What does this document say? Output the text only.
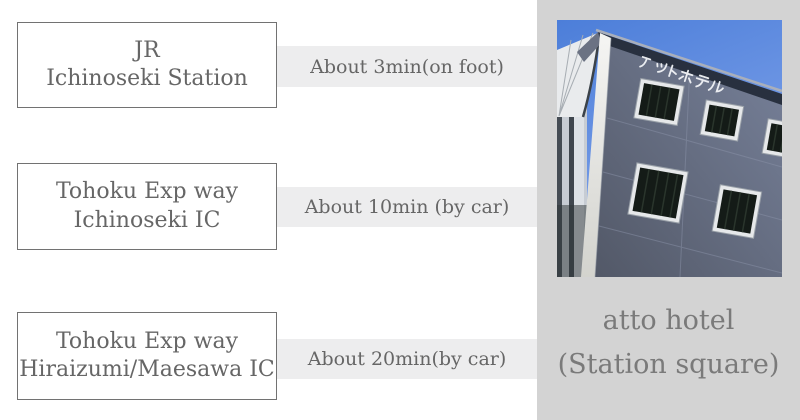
JR
Ichinoseki Station	About 3min(on foot)
Tohoku Exp way
Ichinoseki IC
About 10min (by car)
Tohoku Exp way
Hiraizumi/Maesawa IC	About 20min(by car)
atto hotel
(Station square)
